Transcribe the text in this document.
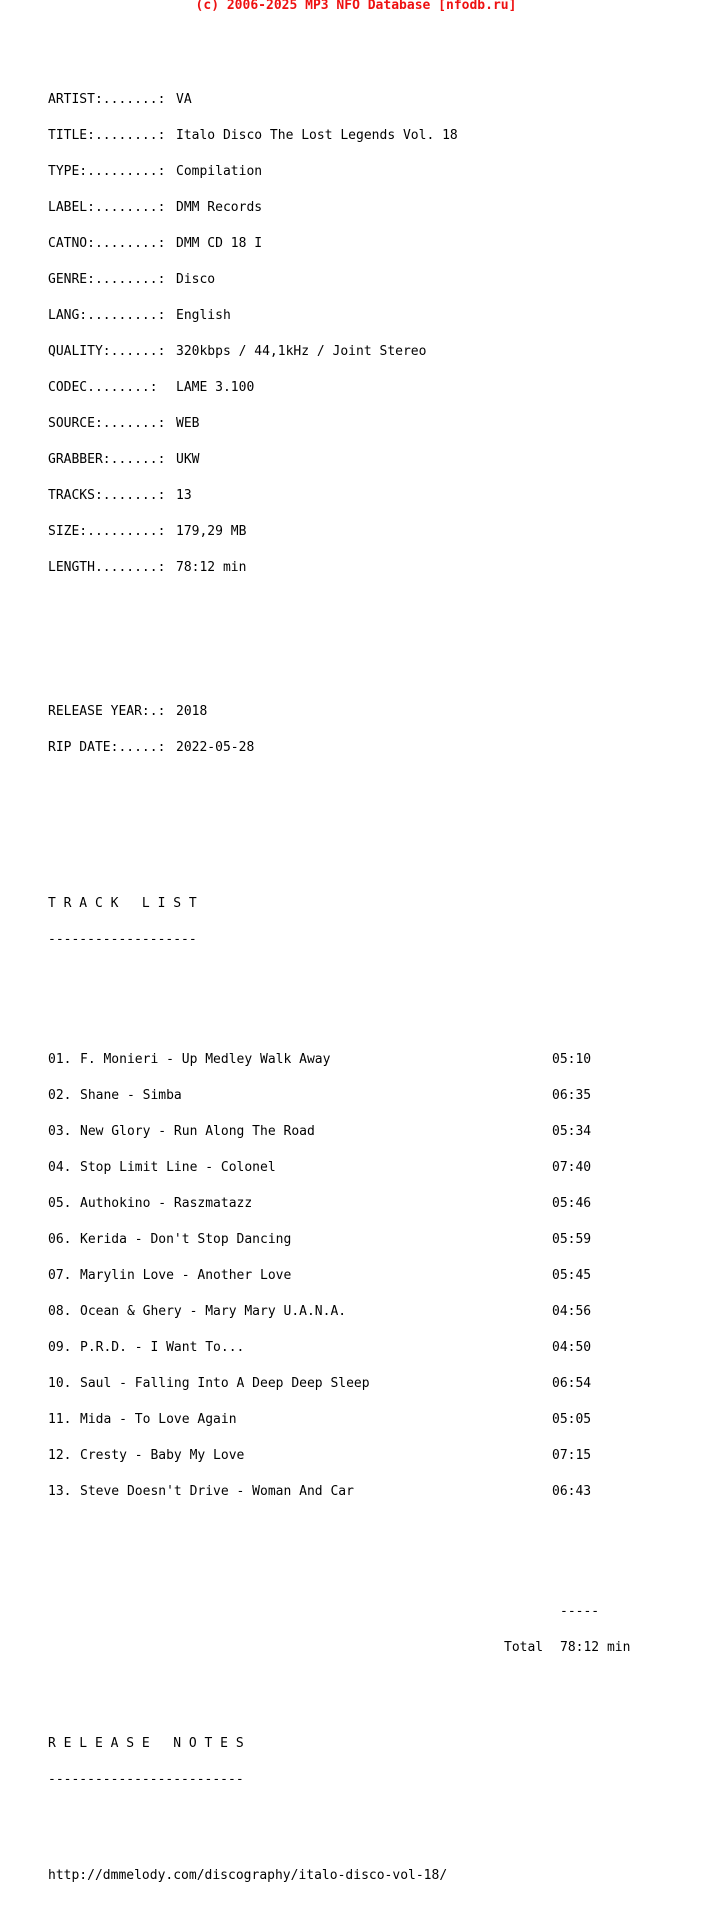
(c) 2006-2025 MP3 NFO Database [nfodb.ru]

ARTIST:.......: VA

TITLE:........: Italo Disco The Lost Legends Vol. 18

TYPE:.........: Compilation

LABEL:........: DMM Records

CATNO:........: DMM CD 18 I

GENRE:........: Disco

LANG:.........: English

QUALITY:......: 320kbps / 44,1kHz / Joint Stereo

CODEC........: LAME 3.100

SOURCE:.......: WEB

GRABBER:......: UKW

TRACKS:.......: 13

SIZE:.........: 179,29 MB

LENGTH........: 78:12 min

RELEASE YEAR:.: 2018

RIP DATE:.....: 2022-05-28

T R A C K   L I S T

-------------------

01. F. Monieri - Up Medley Walk Away	05:10

02. Shane - Simba	06:35

03. New Glory - Run Along The Road	05:34

04. Stop Limit Line - Colonel	07:40

05. Authokino - Raszmatazz	05:46

06. Kerida - Don't Stop Dancing	05:59

07. Marylin Love - Another Love	05:45

08. Ocean & Ghery - Mary Mary U.A.N.A.	04:56

09. P.R.D. - I Want To...	04:50

10. Saul - Falling Into A Deep Deep Sleep	06:54

11. Mida - To Love Again	05:05

12. Cresty - Baby My Love	07:15

13. Steve Doesn't Drive - Woman And Car	06:43

-----

Total 78:12 min

R E L E A S E   N O T E S

-------------------------

http://dmmelody.com/discography/italo-disco-vol-18/
